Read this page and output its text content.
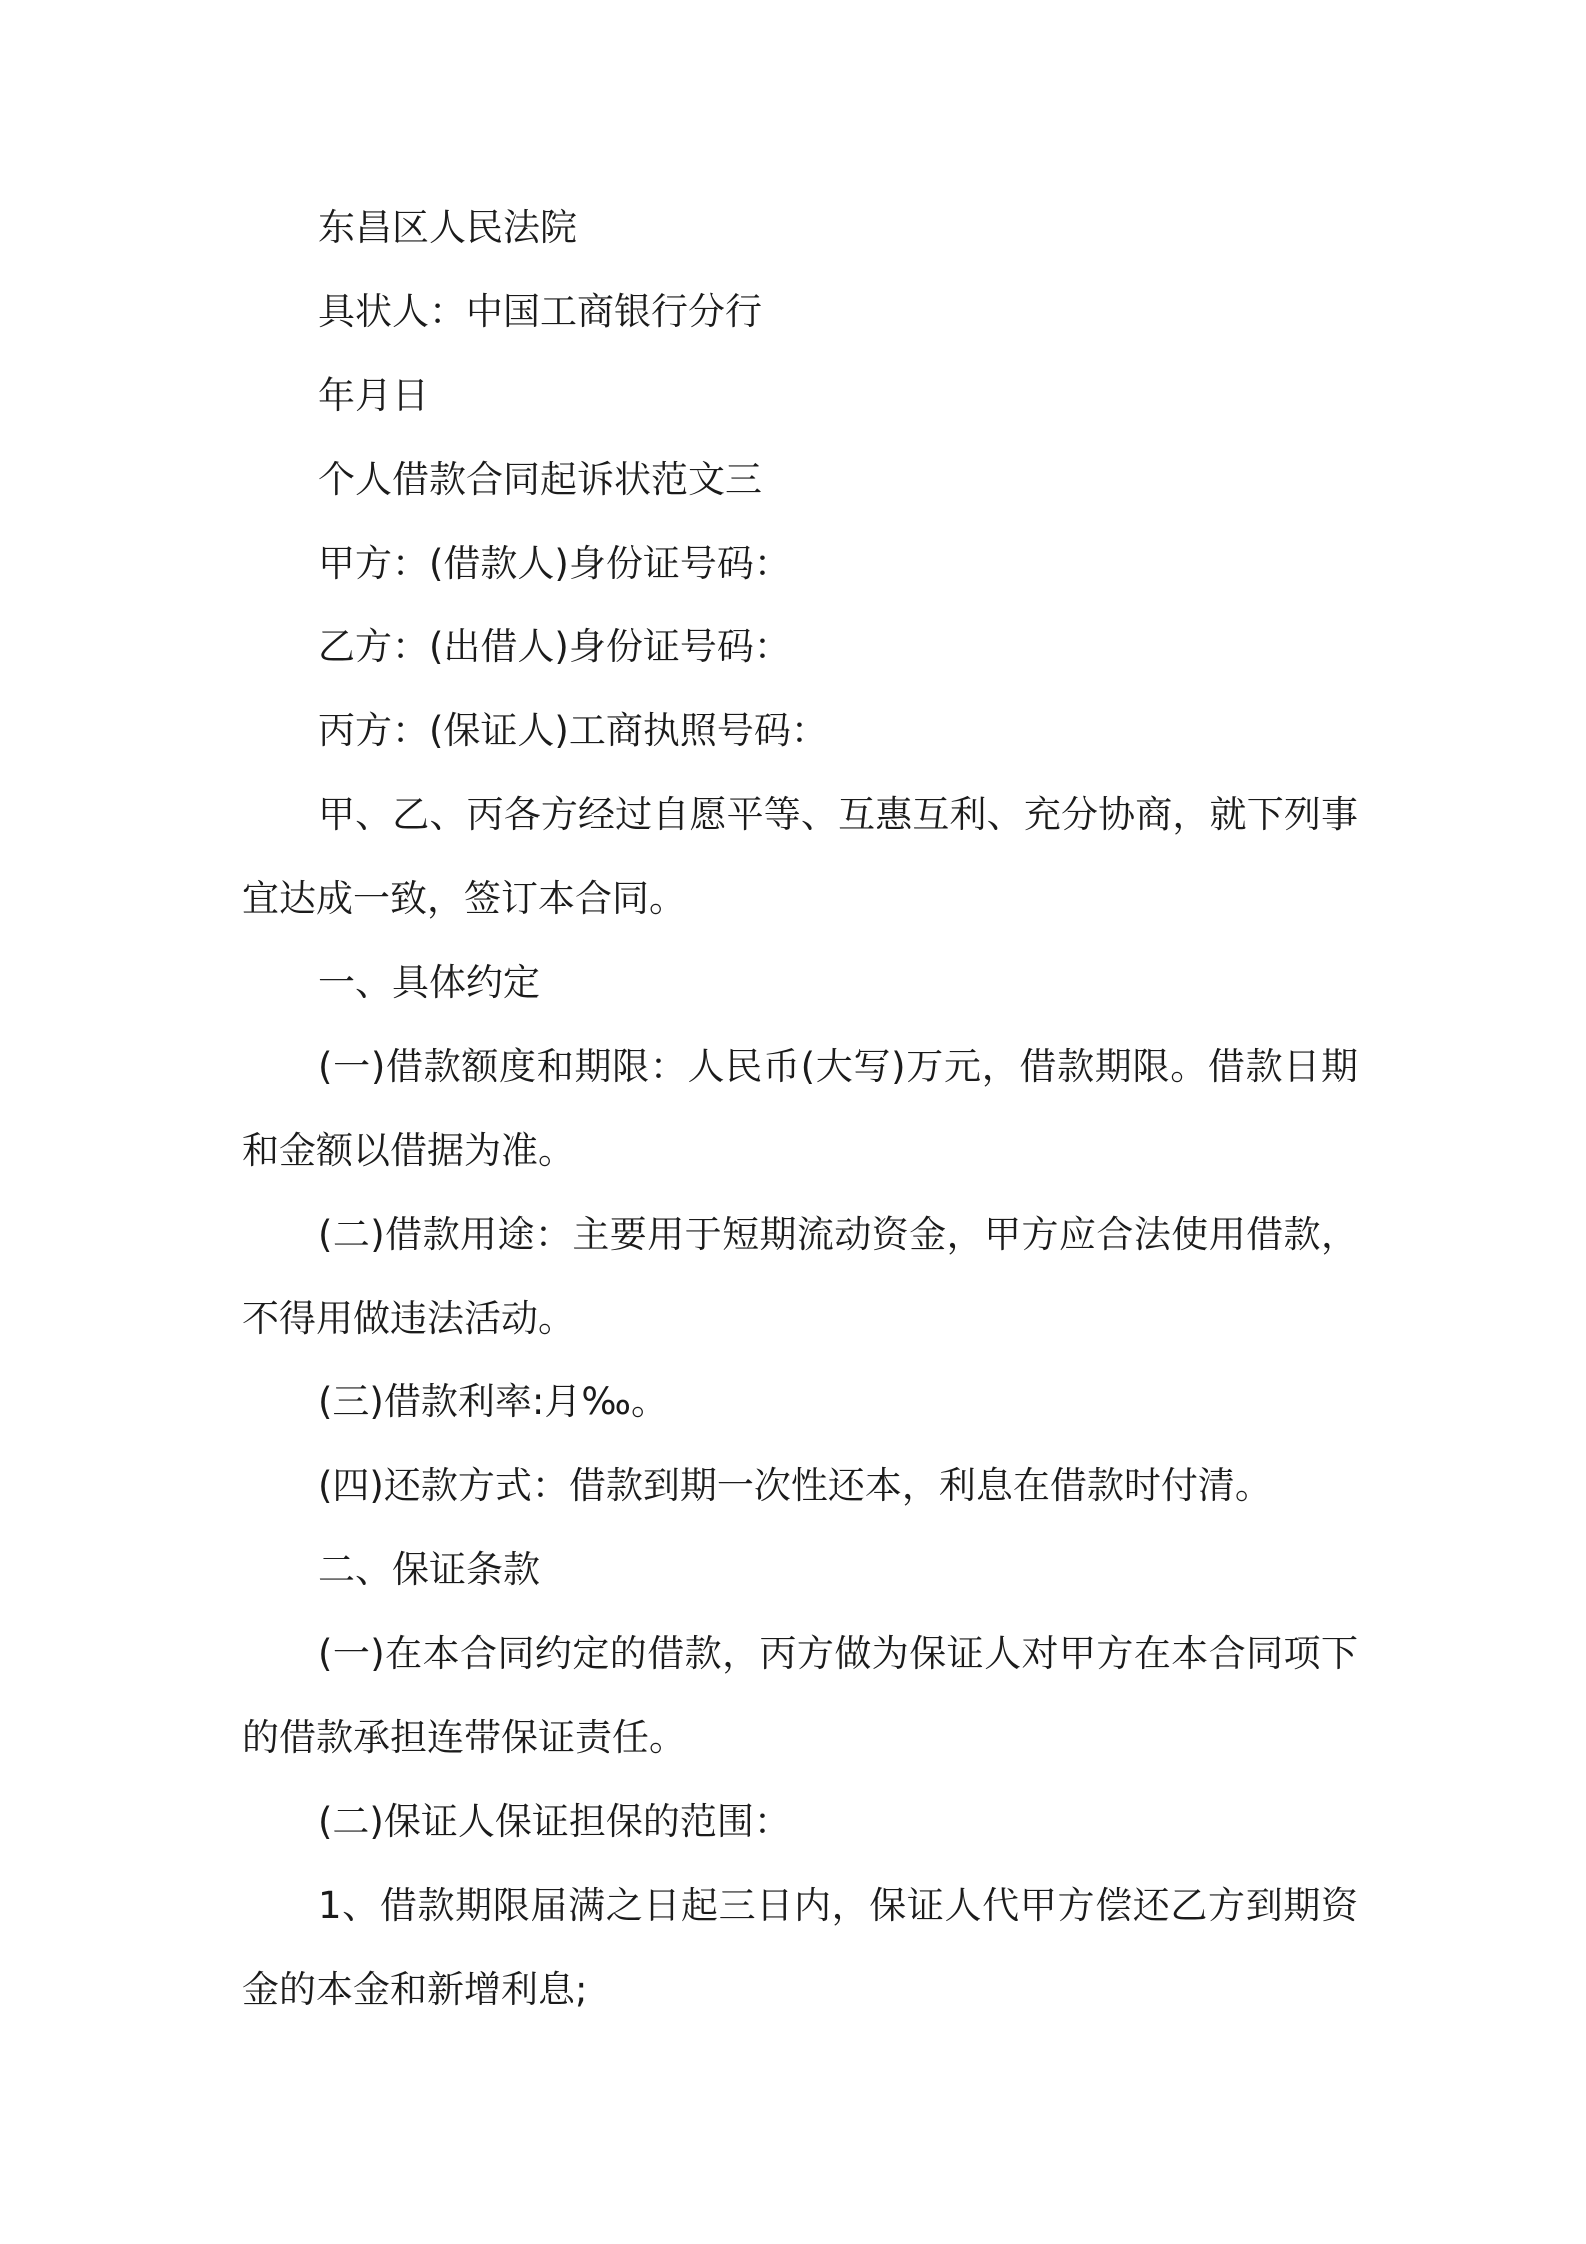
东昌区人民法院
具状人：中国工商银行分行
年月日
个人借款合同起诉状范文三
甲方：(借款人)身份证号码：
乙方：(出借人)身份证号码：
丙方：(保证人)工商执照号码：
甲、乙、丙各方经过自愿平等、互惠互利、充分协商，就下列事
宜达成一致，签订本合同。
一、具体约定
(一)借款额度和期限：人民币(大写)万元，借款期限。借款日期
和金额以借据为准。
(二)借款用途：主要用于短期流动资金，甲方应合法使用借款，
不得用做违法活动。
(三)借款利率:月‰。
(四)还款方式：借款到期一次性还本，利息在借款时付清。
二、保证条款
(一)在本合同约定的借款，丙方做为保证人对甲方在本合同项下
的借款承担连带保证责任。
(二)保证人保证担保的范围：
1、借款期限届满之日起三日内，保证人代甲方偿还乙方到期资
金的本金和新增利息;
